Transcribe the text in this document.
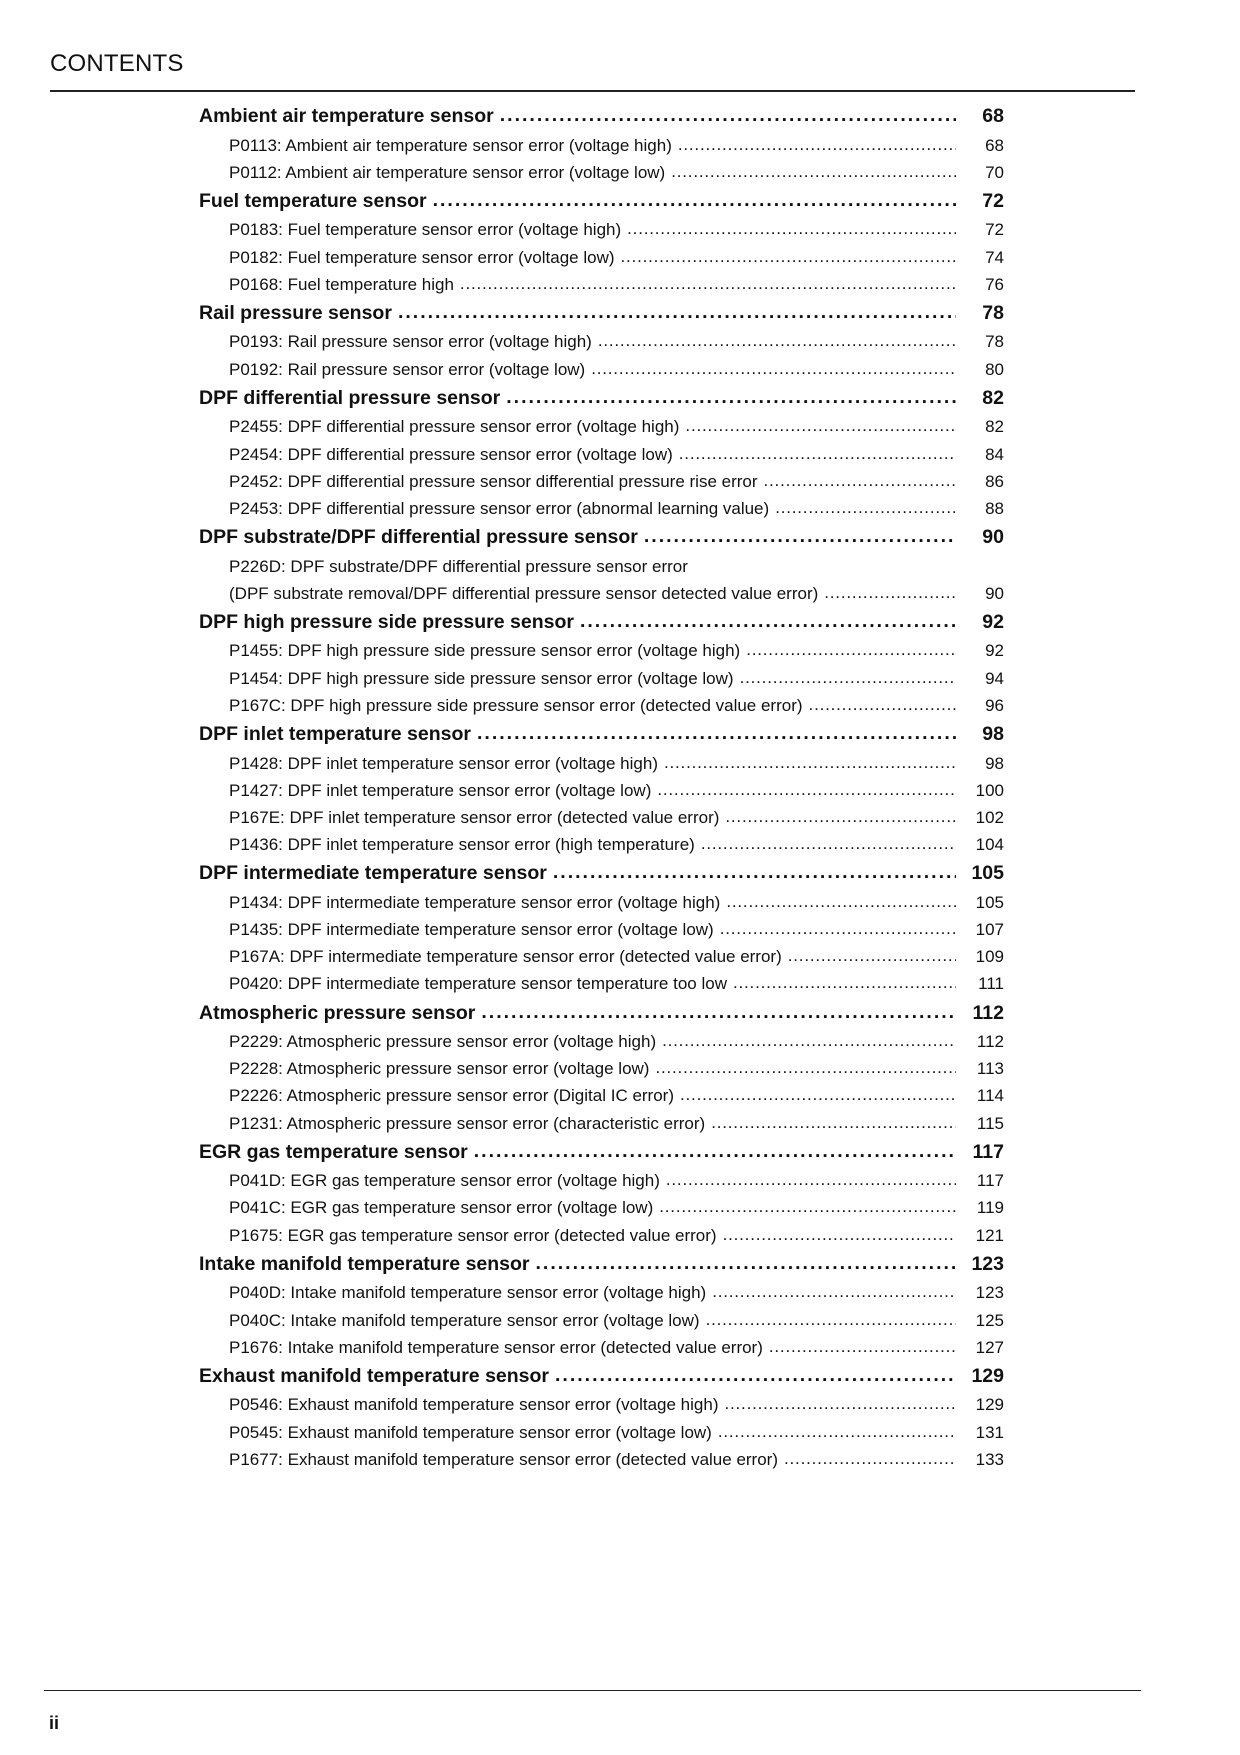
CONTENTS
Ambient air temperature sensor .....	68
P0113: Ambient air temperature sensor error (voltage high) .....	68
P0112: Ambient air temperature sensor error (voltage low) .....	70
Fuel temperature sensor .....	72
P0183: Fuel temperature sensor error (voltage high) .....	72
P0182: Fuel temperature sensor error (voltage low) .....	74
P0168: Fuel temperature high .....	76
Rail pressure sensor .....	78
P0193: Rail pressure sensor error (voltage high) .....	78
P0192: Rail pressure sensor error (voltage low) .....	80
DPF differential pressure sensor .....	82
P2455: DPF differential pressure sensor error (voltage high) .....	82
P2454: DPF differential pressure sensor error (voltage low) .....	84
P2452: DPF differential pressure sensor differential pressure rise error .....	86
P2453: DPF differential pressure sensor error (abnormal learning value) .....	88
DPF substrate/DPF differential pressure sensor .....	90
P226D: DPF substrate/DPF differential pressure sensor error
(DPF substrate removal/DPF differential pressure sensor detected value error) .....	90
DPF high pressure side pressure sensor .....	92
P1455: DPF high pressure side pressure sensor error (voltage high) .....	92
P1454: DPF high pressure side pressure sensor error (voltage low) .....	94
P167C: DPF high pressure side pressure sensor error (detected value error) .....	96
DPF inlet temperature sensor .....	98
P1428: DPF inlet temperature sensor error (voltage high) .....	98
P1427: DPF inlet temperature sensor error (voltage low) .....	100
P167E: DPF inlet temperature sensor error (detected value error) .....	102
P1436: DPF inlet temperature sensor error (high temperature) .....	104
DPF intermediate temperature sensor .....	105
P1434: DPF intermediate temperature sensor error (voltage high) .....	105
P1435: DPF intermediate temperature sensor error (voltage low) .....	107
P167A: DPF intermediate temperature sensor error (detected value error) .....	109
P0420: DPF intermediate temperature sensor temperature too low .....	111
Atmospheric pressure sensor .....	112
P2229: Atmospheric pressure sensor error (voltage high) .....	112
P2228: Atmospheric pressure sensor error (voltage low) .....	113
P2226: Atmospheric pressure sensor error (Digital IC error) .....	114
P1231: Atmospheric pressure sensor error (characteristic error) .....	115
EGR gas temperature sensor .....	117
P041D: EGR gas temperature sensor error (voltage high) .....	117
P041C: EGR gas temperature sensor error (voltage low) .....	119
P1675: EGR gas temperature sensor error (detected value error) .....	121
Intake manifold temperature sensor .....	123
P040D: Intake manifold temperature sensor error (voltage high) .....	123
P040C: Intake manifold temperature sensor error (voltage low) .....	125
P1676: Intake manifold temperature sensor error (detected value error) .....	127
Exhaust manifold temperature sensor .....	129
P0546: Exhaust manifold temperature sensor error (voltage high) .....	129
P0545: Exhaust manifold temperature sensor error (voltage low) .....	131
P1677: Exhaust manifold temperature sensor error (detected value error) .....	133
ii
